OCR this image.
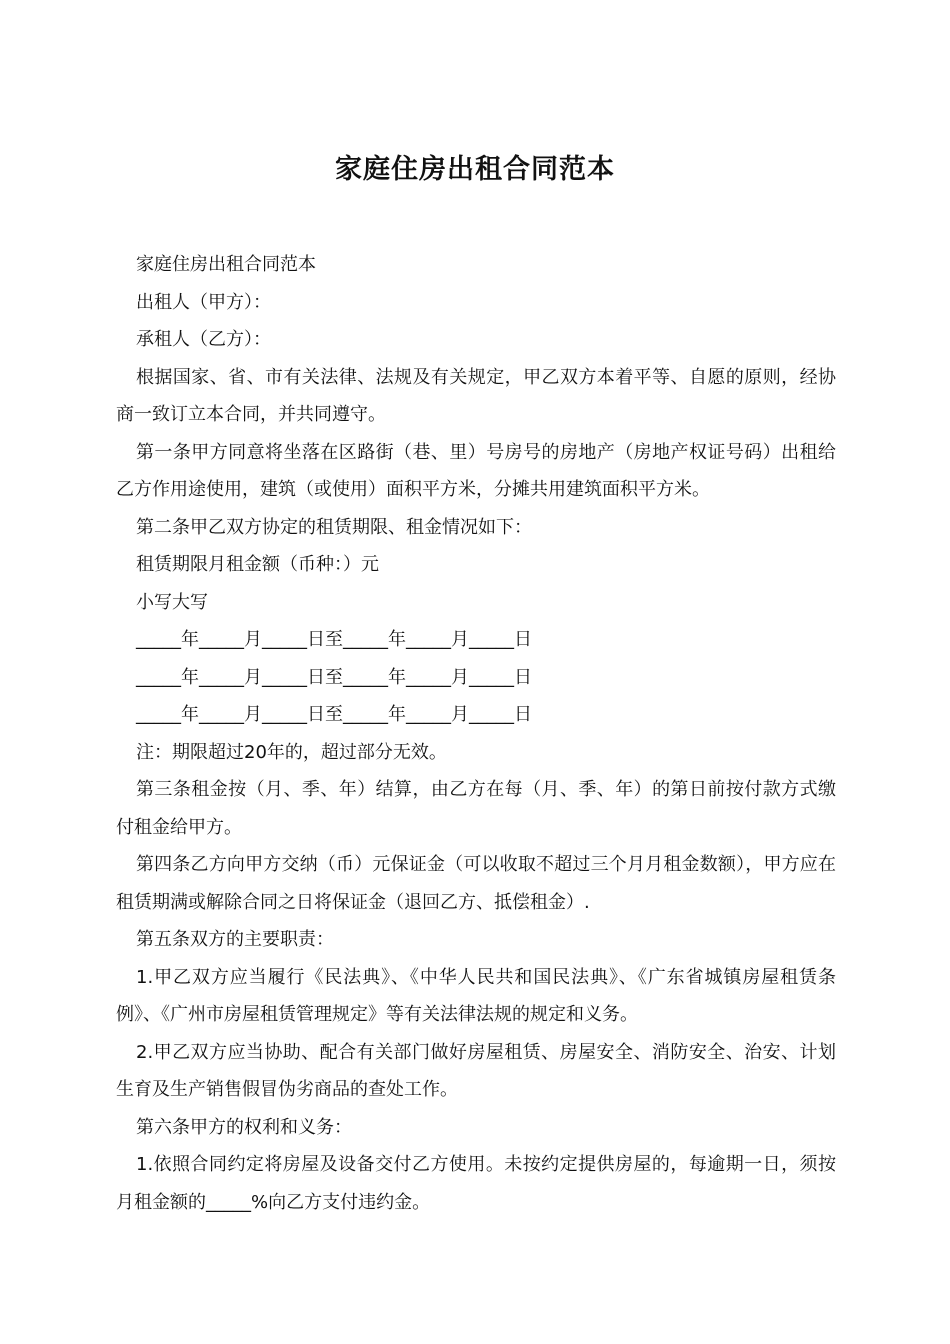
家庭住房出租合同范本

家庭住房出租合同范本

出租人（甲方）：

承租人（乙方）：

根据国家、省、市有关法律、法规及有关规定，甲乙双方本着平等、自愿的原则，经协商一致订立本合同，并共同遵守。

第一条甲方同意将坐落在区路街（巷、里）号房号的房地产（房地产权证号码）出租给乙方作用途使用，建筑（或使用）面积平方米，分摊共用建筑面积平方米。

第二条甲乙双方协定的租赁期限、租金情况如下：

租赁期限月租金额（币种：）元

小写大写

_____年_____月_____日至_____年_____月_____日

_____年_____月_____日至_____年_____月_____日

_____年_____月_____日至_____年_____月_____日

注：期限超过20年的，超过部分无效。

第三条租金按（月、季、年）结算，由乙方在每（月、季、年）的第日前按付款方式缴付租金给甲方。

第四条乙方向甲方交纳（币）元保证金（可以收取不超过三个月月租金数额），甲方应在租赁期满或解除合同之日将保证金（退回乙方、抵偿租金）.

第五条双方的主要职责：

1.甲乙双方应当履行《民法典》、《中华人民共和国民法典》、《广东省城镇房屋租赁条例》、《广州市房屋租赁管理规定》等有关法律法规的规定和义务。

2.甲乙双方应当协助、配合有关部门做好房屋租赁、房屋安全、消防安全、治安、计划生育及生产销售假冒伪劣商品的查处工作。

第六条甲方的权利和义务：

1.依照合同约定将房屋及设备交付乙方使用。未按约定提供房屋的，每逾期一日，须按月租金额的_____%向乙方支付违约金。
